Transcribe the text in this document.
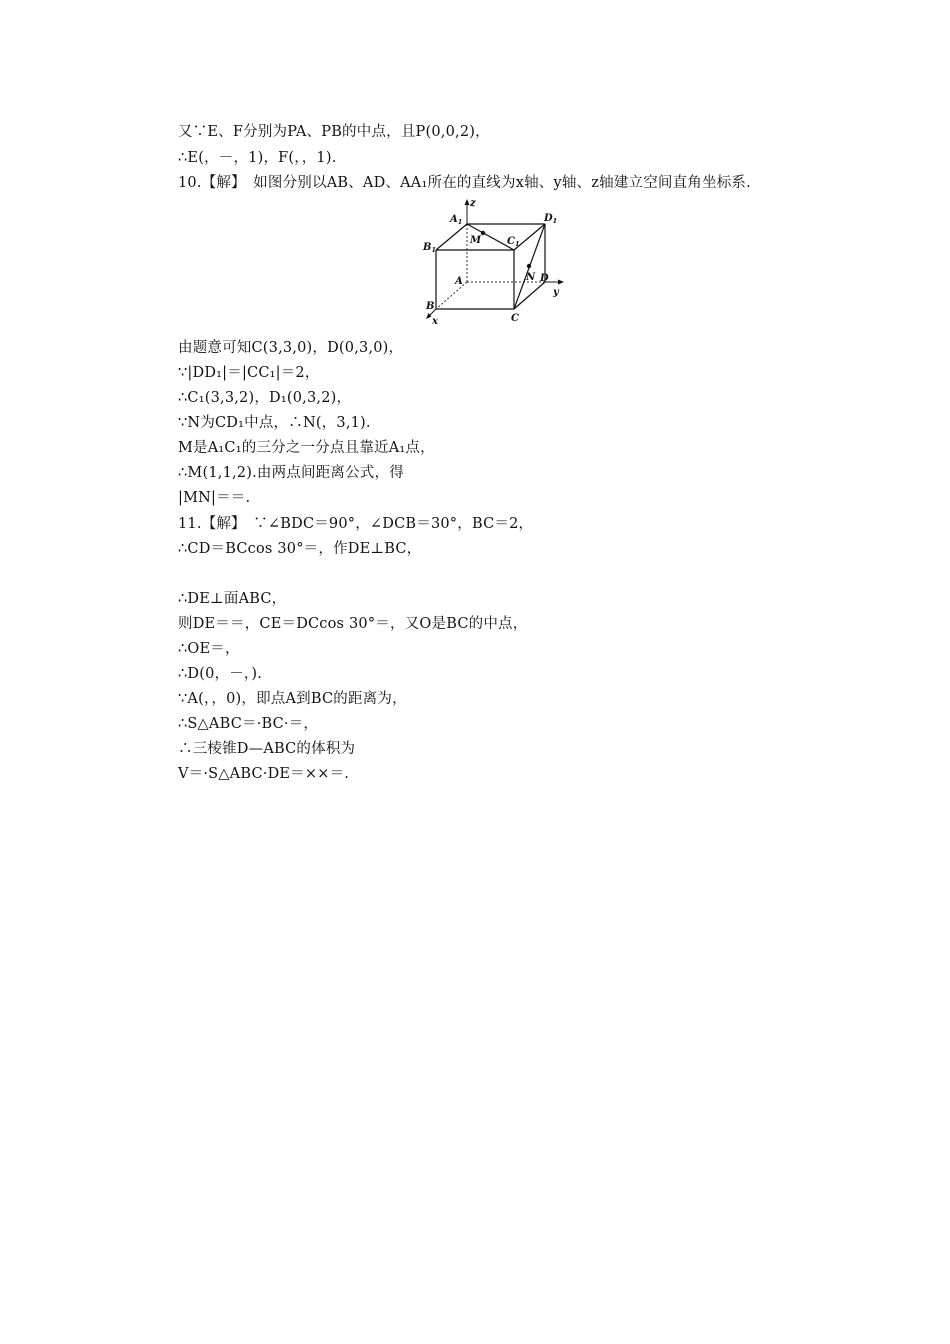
又∵E、F分别为PA、PB的中点，且P(0,0,2)，
∴E(，－，1)，F(，，1).
10.【解】　如图分别以AB、AD、AA₁所在的直线为x轴、y轴、z轴建立空间直角坐标系.
z
$A_1$	$D_1$
$B_1$
$C_1$
M
A	N D
y
B
x	C
由题意可知C(3,3,0)，D(0,3,0)，
∵|DD₁|＝|CC₁|＝2，
∴C₁(3,3,2)，D₁(0,3,2)，
∵N为CD₁中点，∴N(，3,1).
M是A₁C₁的三分之一分点且靠近A₁点，
∴M(1,1,2).由两点间距离公式，得
|MN|＝＝.
11.【解】　∵∠BDC＝90°，∠DCB＝30°，BC＝2，
∴CD＝BCcos 30°＝，作DE⊥BC，
∴DE⊥面ABC，
则DE＝＝，CE＝DCcos 30°＝，又O是BC的中点，
∴OE＝，
∴D(0，－，).
∵A(，，0)，即点A到BC的距离为，
∴S△ABC＝·BC·＝，
∴三棱锥D—ABC的体积为
V＝·S△ABC·DE＝××＝.
